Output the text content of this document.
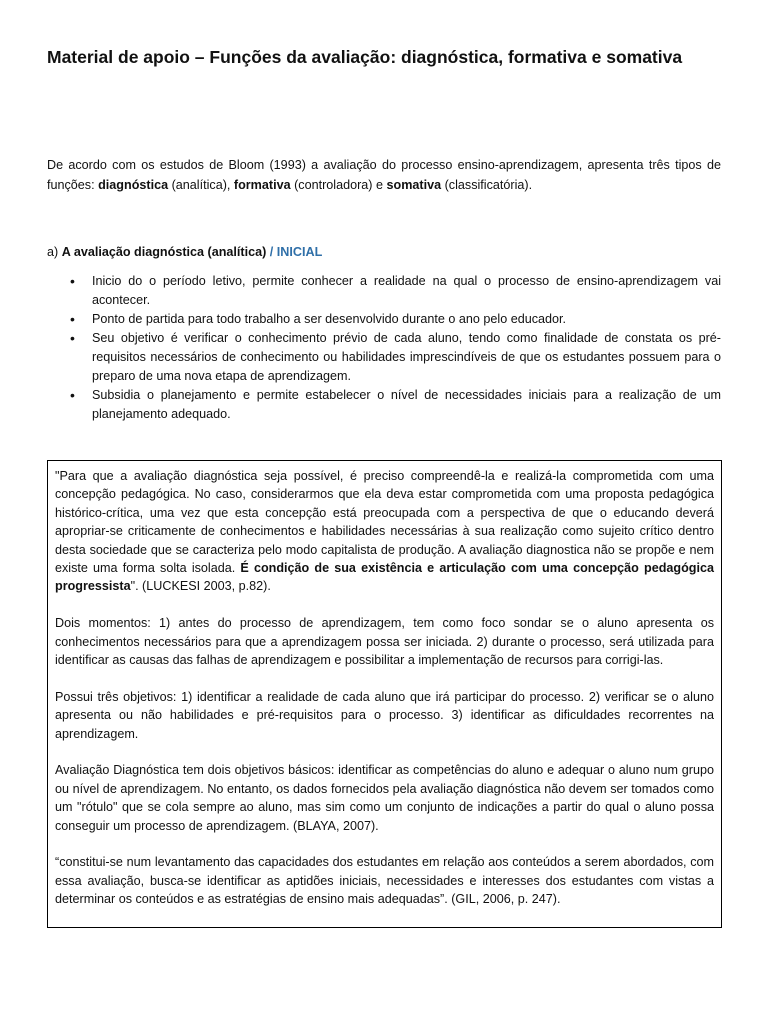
Material de apoio – Funções da avaliação: diagnóstica, formativa e somativa

De acordo com os estudos de Bloom (1993) a avaliação do processo ensino-aprendizagem, apresenta três tipos de funções: diagnóstica (analítica), formativa (controladora) e somativa (classificatória).

a) A avaliação diagnóstica (analítica) / INICIAL

• Inicio do o período letivo, permite conhecer a realidade na qual o processo de ensino-aprendizagem vai acontecer.
• Ponto de partida para todo trabalho a ser desenvolvido durante o ano pelo educador.
• Seu objetivo é verificar o conhecimento prévio de cada aluno, tendo como finalidade de constata os pré-requisitos necessários de conhecimento ou habilidades imprescindíveis de que os estudantes possuem para o preparo de uma nova etapa de aprendizagem.
• Subsidia o planejamento e permite estabelecer o nível de necessidades iniciais para a realização de um planejamento adequado.

"Para que a avaliação diagnóstica seja possível, é preciso compreendê-la e realizá-la comprometida com uma concepção pedagógica. No caso, considerarmos que ela deva estar comprometida com uma proposta pedagógica histórico-crítica, uma vez que esta concepção está preocupada com a perspectiva de que o educando deverá apropriar-se criticamente de conhecimentos e habilidades necessárias à sua realização como sujeito crítico dentro desta sociedade que se caracteriza pelo modo capitalista de produção. A avaliação diagnostica não se propõe e nem existe uma forma solta isolada. É condição de sua existência e articulação com uma concepção pedagógica progressista". (LUCKESI 2003, p.82).

Dois momentos: 1) antes do processo de aprendizagem, tem como foco sondar se o aluno apresenta os conhecimentos necessários para que a aprendizagem possa ser iniciada. 2) durante o processo, será utilizada para identificar as causas das falhas de aprendizagem e possibilitar a implementação de recursos para corrigi-las.

Possui três objetivos: 1) identificar a realidade de cada aluno que irá participar do processo. 2) verificar se o aluno apresenta ou não habilidades e pré-requisitos para o processo. 3) identificar as dificuldades recorrentes na aprendizagem.

Avaliação Diagnóstica tem dois objetivos básicos: identificar as competências do aluno e adequar o aluno num grupo ou nível de aprendizagem. No entanto, os dados fornecidos pela avaliação diagnóstica não devem ser tomados como um "rótulo" que se cola sempre ao aluno, mas sim como um conjunto de indicações a partir do qual o aluno possa conseguir um processo de aprendizagem. (BLAYA, 2007).

“constitui-se num levantamento das capacidades dos estudantes em relação aos conteúdos a serem abordados, com essa avaliação, busca-se identificar as aptidões iniciais, necessidades e interesses dos estudantes com vistas a determinar os conteúdos e as estratégias de ensino mais adequadas”. (GIL, 2006, p. 247).
